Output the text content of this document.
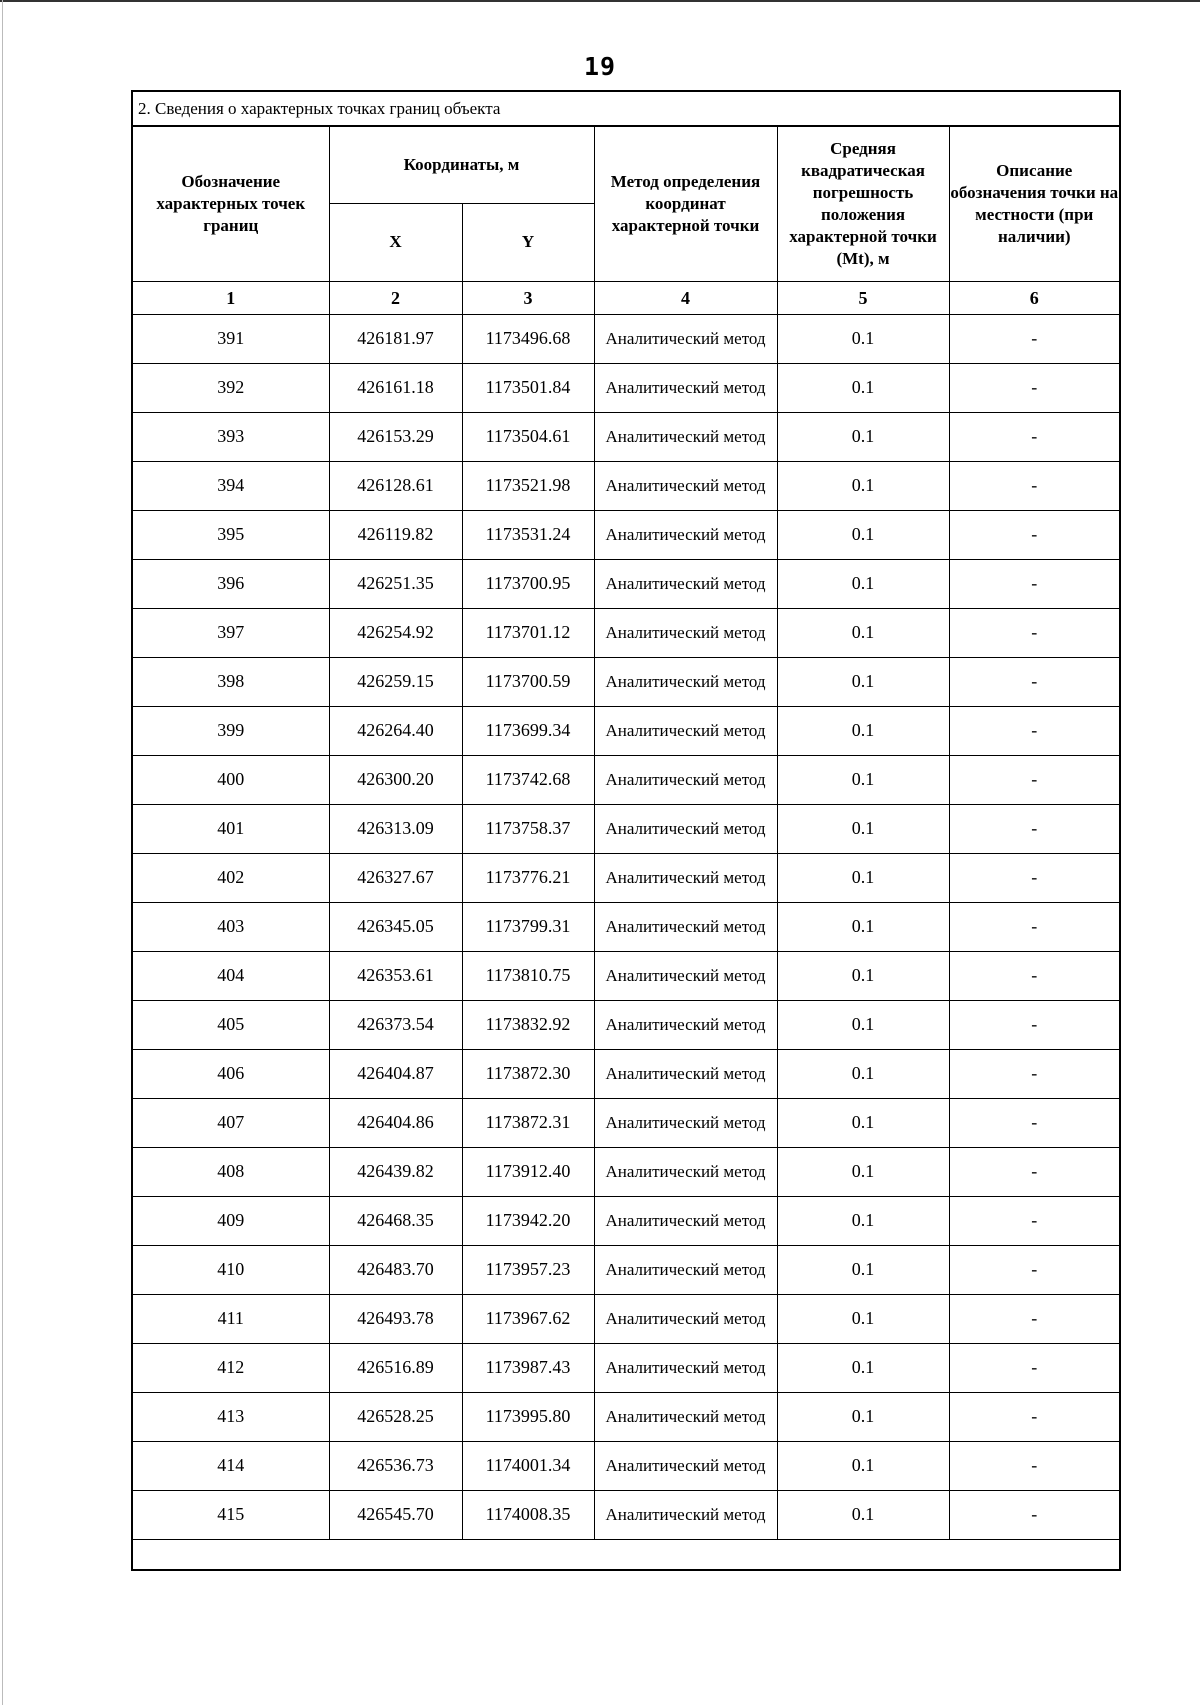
19
2. Сведения о характерных точках границ объекта
Обозначение характерных точек границ	Координаты, м		Метод определения координат характерной точки	Средняя квадратическая погрешность положения характерной точки (Mt), м	Описание обозначения точки на местности (при наличии)
	X	Y			
1	2	3	4	5	6
391	426181.97	1173496.68	Аналитический метод	0.1	-
392	426161.18	1173501.84	Аналитический метод	0.1	-
393	426153.29	1173504.61	Аналитический метод	0.1	-
394	426128.61	1173521.98	Аналитический метод	0.1	-
395	426119.82	1173531.24	Аналитический метод	0.1	-
396	426251.35	1173700.95	Аналитический метод	0.1	-
397	426254.92	1173701.12	Аналитический метод	0.1	-
398	426259.15	1173700.59	Аналитический метод	0.1	-
399	426264.40	1173699.34	Аналитический метод	0.1	-
400	426300.20	1173742.68	Аналитический метод	0.1	-
401	426313.09	1173758.37	Аналитический метод	0.1	-
402	426327.67	1173776.21	Аналитический метод	0.1	-
403	426345.05	1173799.31	Аналитический метод	0.1	-
404	426353.61	1173810.75	Аналитический метод	0.1	-
405	426373.54	1173832.92	Аналитический метод	0.1	-
406	426404.87	1173872.30	Аналитический метод	0.1	-
407	426404.86	1173872.31	Аналитический метод	0.1	-
408	426439.82	1173912.40	Аналитический метод	0.1	-
409	426468.35	1173942.20	Аналитический метод	0.1	-
410	426483.70	1173957.23	Аналитический метод	0.1	-
411	426493.78	1173967.62	Аналитический метод	0.1	-
412	426516.89	1173987.43	Аналитический метод	0.1	-
413	426528.25	1173995.80	Аналитический метод	0.1	-
414	426536.73	1174001.34	Аналитический метод	0.1	-
415	426545.70	1174008.35	Аналитический метод	0.1	-
